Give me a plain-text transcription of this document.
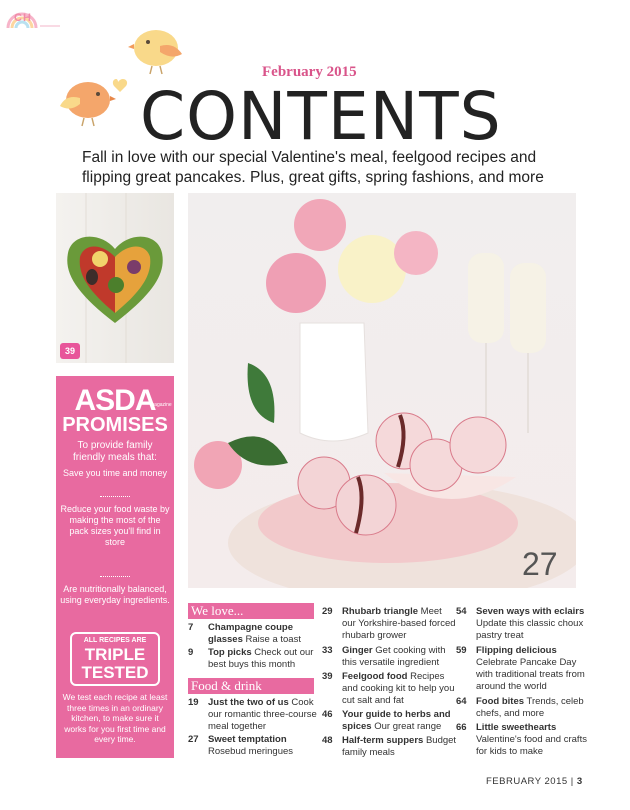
CH
February 2015
CONTENTS
Fall in love with our special Valentine's meal, feelgood recipes and flipping great pancakes. Plus, great gifts, spring fashions, and more
39
ASDA
magazine
PROMISES
To provide family friendly meals that:
Save you time and money
Reduce your food waste by making the most of the pack sizes you'll find in store
Are nutritionally balanced, using everyday ingredients.
ALL RECIPES ARE
TRIPLE TESTED
We test each recipe at least three times in an ordinary kitchen, to make sure it works for you first time and every time.
27
We love...
7 Champagne coupe glasses Raise a toast
9 Top picks Check out our best buys this month
Food & drink
19 Just the two of us Cook our romantic three-course meal together
27 Sweet temptation Rosebud meringues
29 Rhubarb triangle Meet our Yorkshire-based forced rhubarb grower
33 Ginger Get cooking with this versatile ingredient
39 Feelgood food Recipes and cooking kit to help you cut salt and fat
46 Your guide to herbs and spices Our great range
48 Half-term suppers Budget family meals
54 Seven ways with eclairs Update this classic choux pastry treat
59 Flipping delicious Celebrate Pancake Day with traditional treats from around the world
64 Food bites Trends, celeb chefs, and more
66 Little sweethearts Valentine's food and crafts for kids to make
FEBRUARY 2015 | 3
